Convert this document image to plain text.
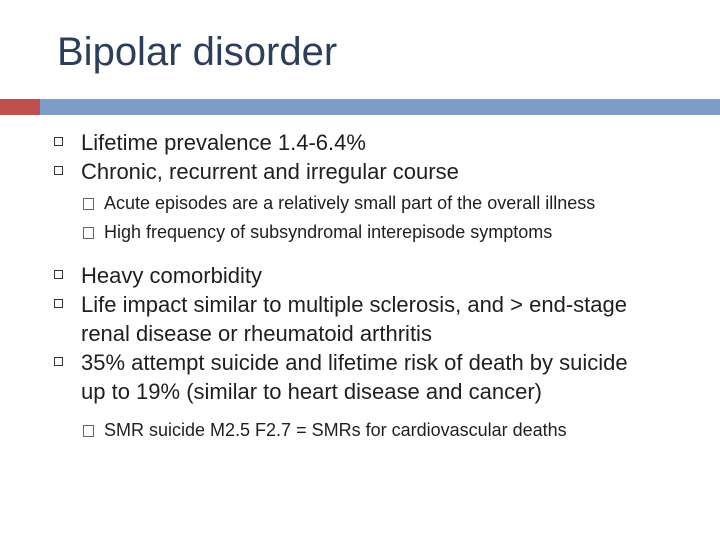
Bipolar disorder
Lifetime prevalence 1.4-6.4%
Chronic, recurrent and irregular course
Acute episodes are a relatively small part of the overall illness
High frequency of subsyndromal interepisode symptoms
Heavy comorbidity
Life impact similar to multiple sclerosis, and > end-stage renal disease or rheumatoid arthritis
35% attempt suicide and lifetime risk of death by suicide up to 19% (similar to heart disease and cancer)
SMR suicide M2.5 F2.7 = SMRs for cardiovascular deaths
